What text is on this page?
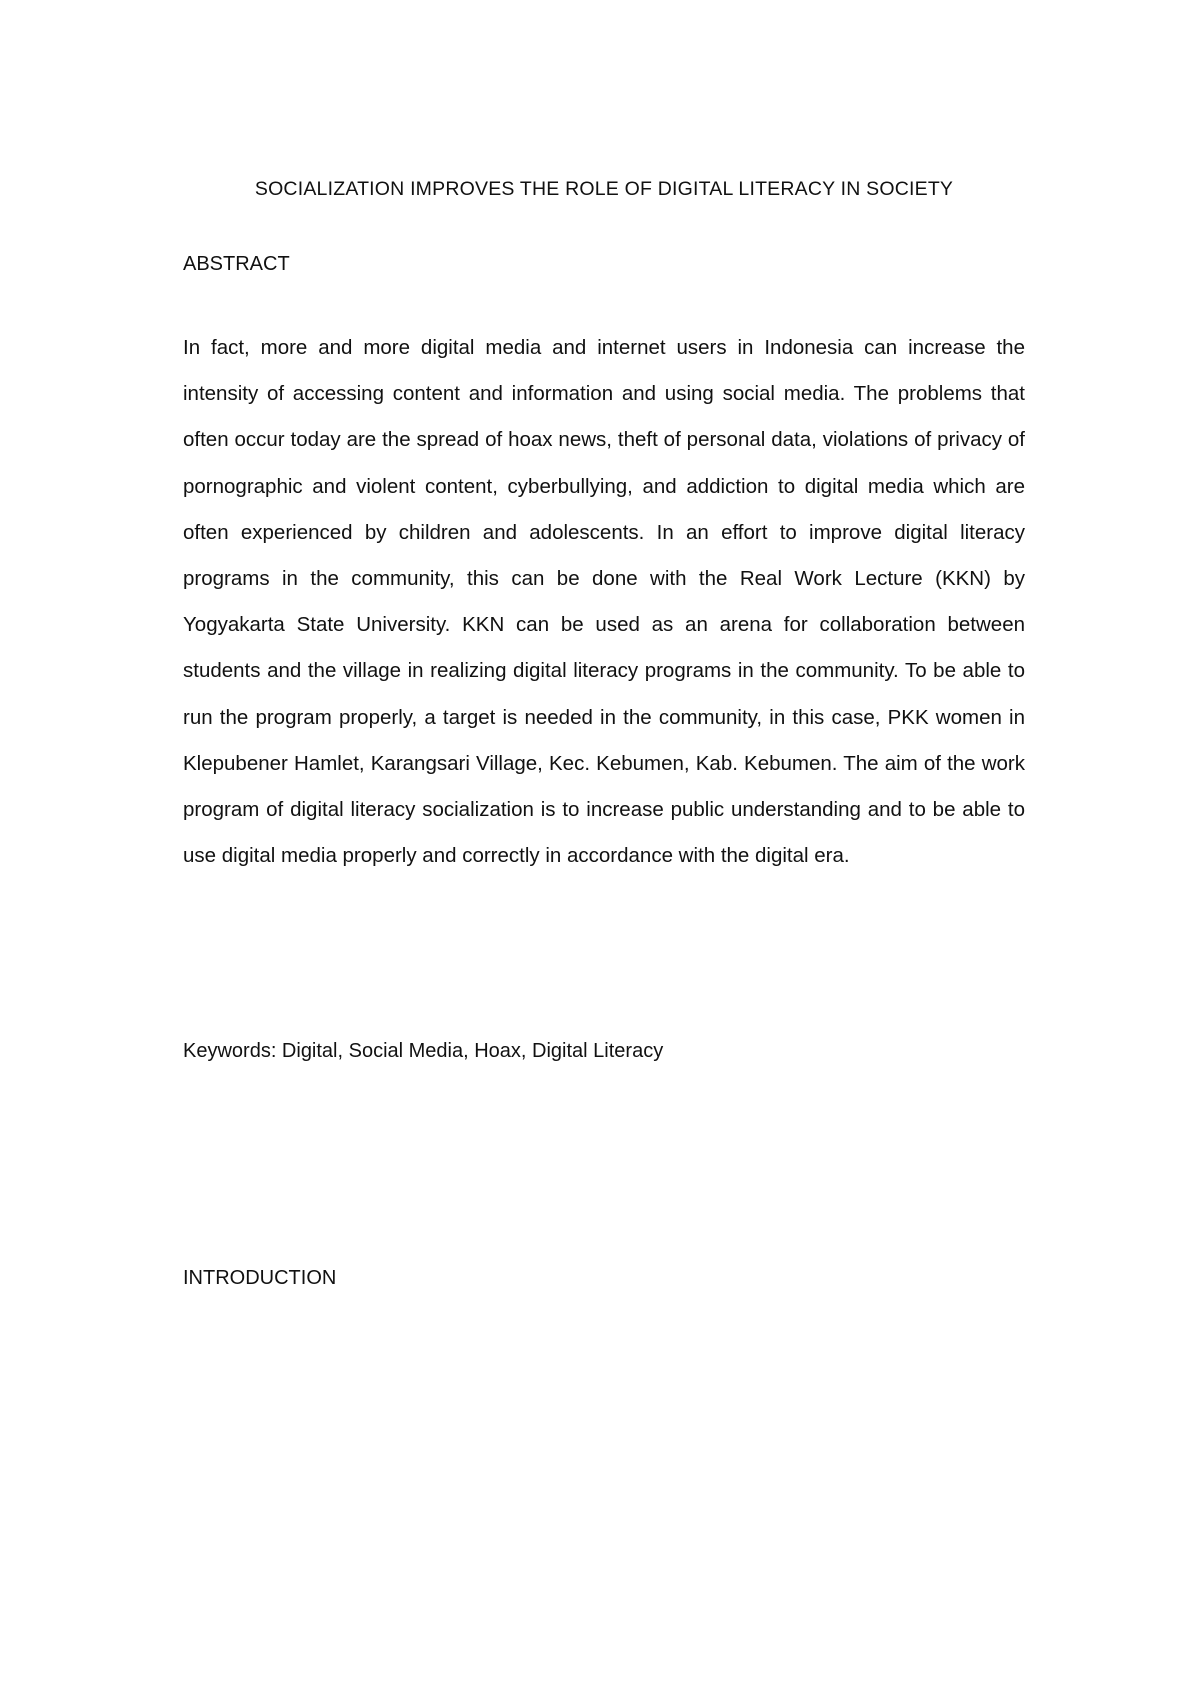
SOCIALIZATION IMPROVES THE ROLE OF DIGITAL LITERACY IN SOCIETY
ABSTRACT

In fact, more and more digital media and internet users in Indonesia can increase the intensity of accessing content and information and using social media. The problems that often occur today are the spread of hoax news, theft of personal data, violations of privacy of pornographic and violent content, cyberbullying, and addiction to digital media which are often experienced by children and adolescents. In an effort to improve digital literacy programs in the community, this can be done with the Real Work Lecture (KKN) by Yogyakarta State University. KKN can be used as an arena for collaboration between students and the village in realizing digital literacy programs in the community. To be able to run the program properly, a target is needed in the community, in this case, PKK women in Klepubener Hamlet, Karangsari Village, Kec. Kebumen, Kab. Kebumen. The aim of the work program of digital literacy socialization is to increase public understanding and to be able to use digital media properly and correctly in accordance with the digital era.

Keywords: Digital, Social Media, Hoax, Digital Literacy
INTRODUCTION
